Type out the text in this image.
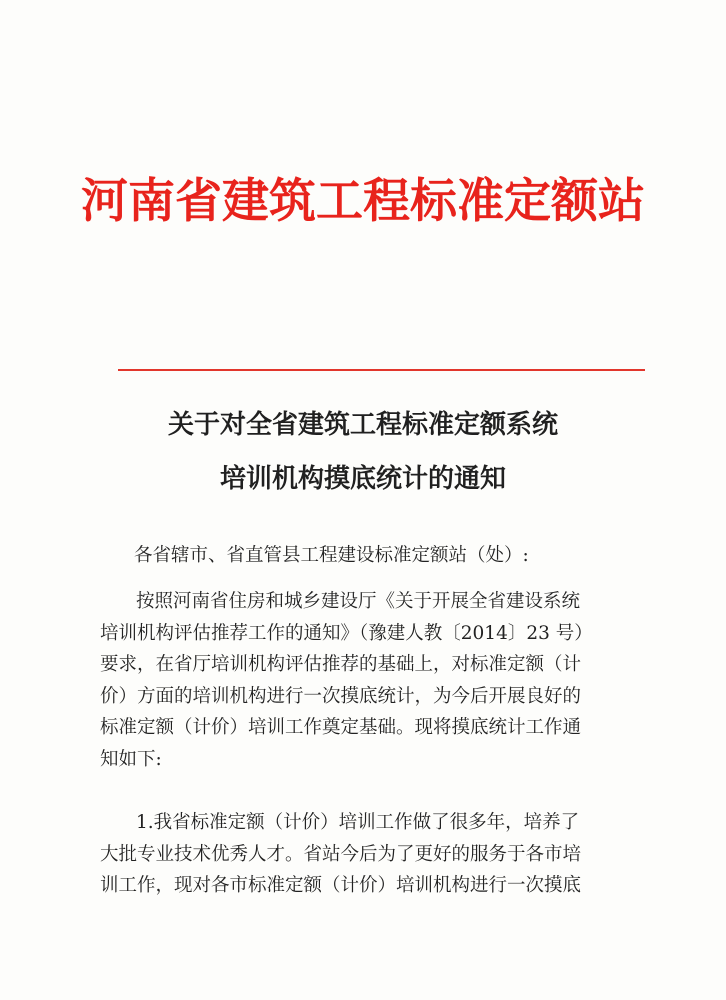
河南省建筑工程标准定额站
关于对全省建筑工程标准定额系统
培训机构摸底统计的通知
各省辖市、省直管县工程建设标准定额站（处）:
按照河南省住房和城乡建设厅《关于开展全省建设系统
培训机构评估推荐工作的通知》（豫建人教〔2014〕23 号）
要求，在省厅培训机构评估推荐的基础上，对标准定额（计
价）方面的培训机构进行一次摸底统计，为今后开展良好的
标准定额（计价）培训工作奠定基础。现将摸底统计工作通
知如下:
1.我省标准定额（计价）培训工作做了很多年，培养了
大批专业技术优秀人才。省站今后为了更好的服务于各市培
训工作，现对各市标准定额（计价）培训机构进行一次摸底
